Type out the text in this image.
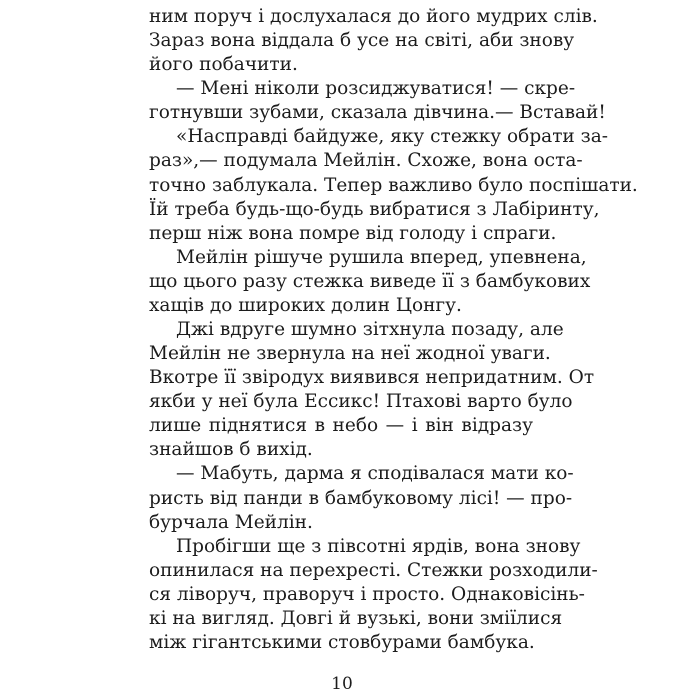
ним поруч і дослухалася до його мудрих слів.
Зараз вона віддала б усе на світі, аби знову
його побачити.
— Мені ніколи розсиджуватися! — скре-
готнувши зубами, сказала дівчина.— Вставай!
«Насправді байдуже, яку стежку обрати за-
раз»,— подумала Мейлін. Схоже, вона оста-
точно заблукала. Тепер важливо було поспішати.
Їй треба будь-що-будь вибратися з Лабіринту,
перш ніж вона помре від голоду і спраги.
Мейлін рішуче рушила вперед, упевнена,
що цього разу стежка виведе її з бамбукових
хащів до широких долин Цонгу.
Джі вдруге шумно зітхнула позаду, але
Мейлін не звернула на неї жодної уваги.
Вкотре її звіродух виявився непридатним. От
якби у неї була Ессикс! Птахові варто було
лише піднятися в небо — і він відразу
знайшов б вихід.
— Мабуть, дарма я сподівалася мати ко-
ристь від панди в бамбуковому лісі! — про-
бурчала Мейлін.
Пробігши ще з півсотні ярдів, вона знову
опинилася на перехресті. Стежки розходили-
ся ліворуч, праворуч і просто. Однаковісінь-
кі на вигляд. Довгі й вузькі, вони зміїлися
між гігантськими стовбурами бамбука.
10
